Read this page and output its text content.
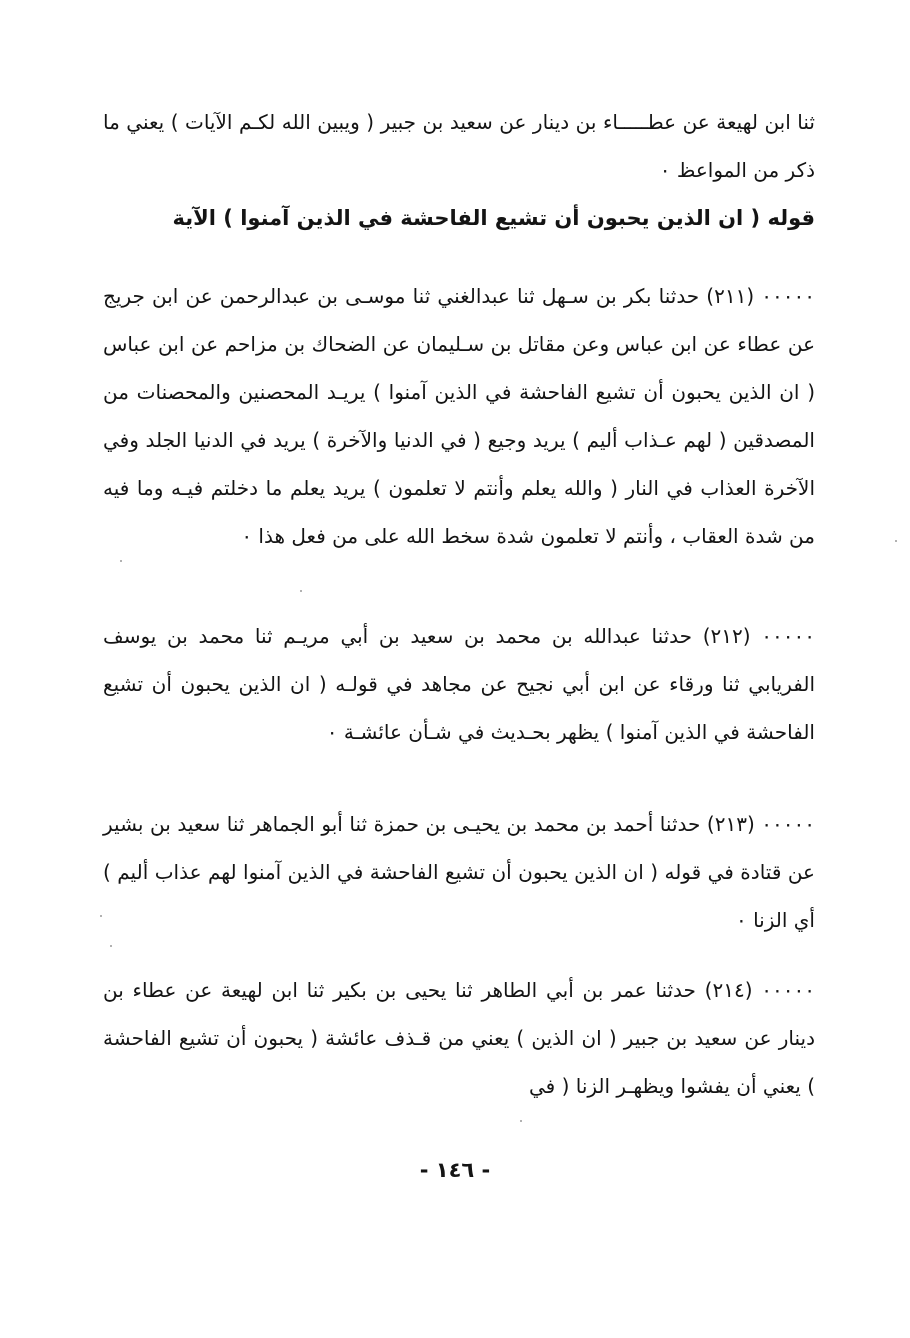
ثنا ابن لهيعة عن عطـــــاء بن دينار عن سعيد بن جبير ( ويبين الله لكـم الآيات ) يعني ما ذكر من المواعظ ٠

قوله ( ان الذين يحبون أن تشيع الفاحشة في الذين آمنوا ) الآية

٠٠٠٠٠ (٢١١) حدثنا بكر بن سـهل ثنا عبدالغني ثنا موسـى بن عبدالرحمن عن ابن جريج عن عطاء عن ابن عباس وعن مقاتل بن سـليمان عن الضحاك بن مزاحم عن ابن عباس ( ان الذين يحبون أن تشيع الفاحشة في الذين آمنوا ) يريـد المحصنين والمحصنات من المصدقين ( لهم عـذاب أليم ) يريد وجيع ( في الدنيا والآخرة ) يريد في الدنيا الجلد وفي الآخرة العذاب في النار ( والله يعلم وأنتم لا تعلمون ) يريد يعلم ما دخلتم فيـه وما فيه من شدة العقاب ، وأنتم لا تعلمون شدة سخط الله على من فعل هذا ٠

٠٠٠٠٠ (٢١٢) حدثنا عبدالله بن محمد بن سعيد بن أبي مريـم ثنا محمد بن يوسف الفريابي ثنا ورقاء عن ابن أبي نجيح عن مجاهد في قولـه ( ان الذين يحبون أن تشيع الفاحشة في الذين آمنوا ) يظهر بحـديث في شـأن عائشـة ٠

٠٠٠٠٠ (٢١٣) حدثنا أحمد بن محمد بن يحيـى بن حمزة ثنا أبو الجماهر ثنا سعيد بن بشير عن قتادة في قوله ( ان الذين يحبون أن تشيع الفاحشة في الذين آمنوا لهم عذاب أليم ) أي الزنا ٠

٠٠٠٠٠ (٢١٤) حدثنا عمر بن أبي الطاهر ثنا يحيى بن بكير ثنا ابن لهيعة عن عطاء بن دينار عن سعيد بن جبير ( ان الذين ) يعني من قـذف عائشة ( يحبون أن تشيع الفاحشة ) يعني أن يفشوا ويظهـر الزنا ( في

- ١٤٦ -
